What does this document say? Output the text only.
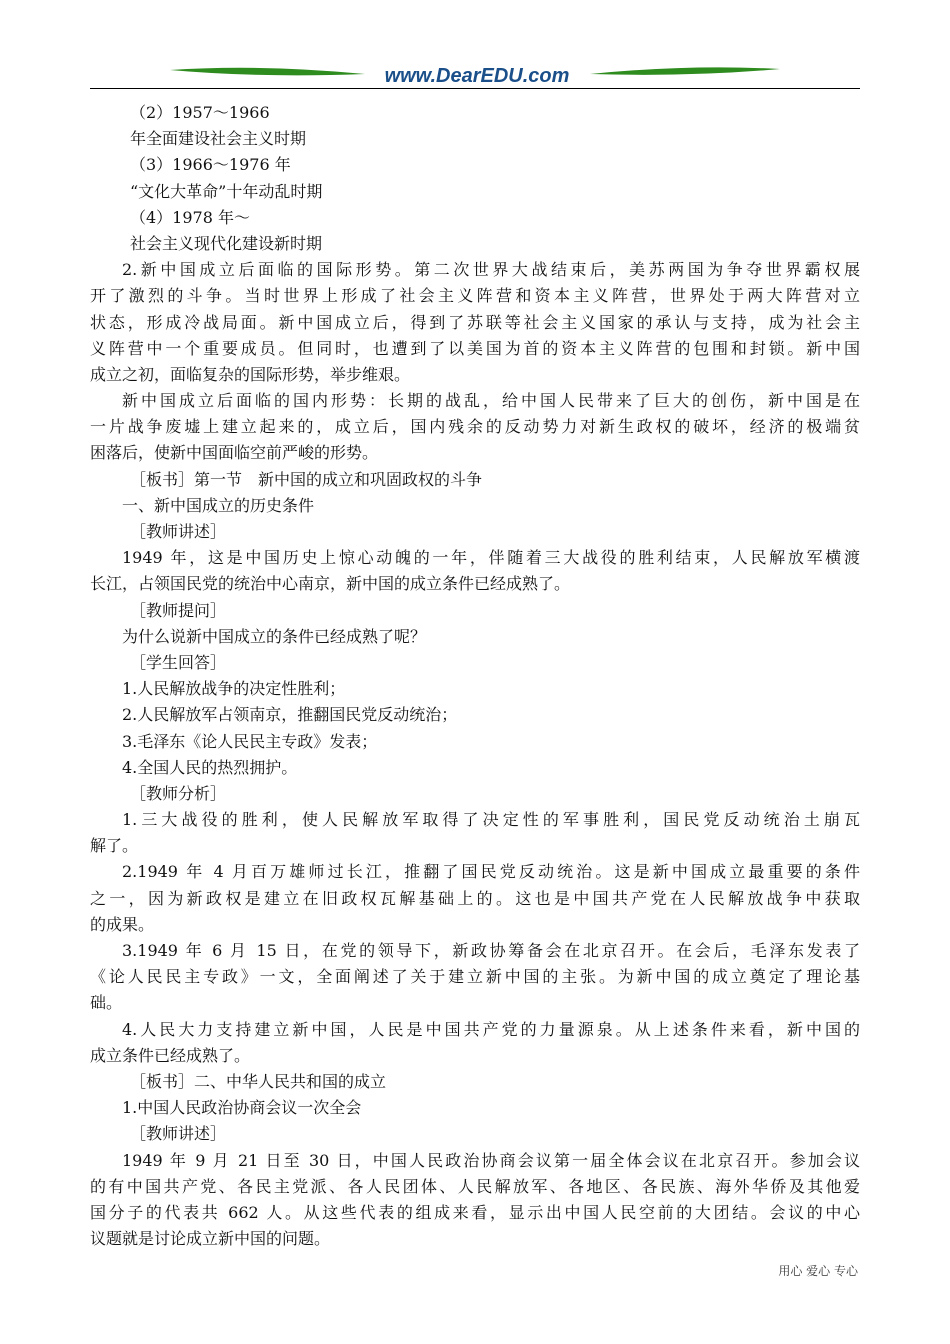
www.DearEDU.com
（2）1957～1966
年全面建设社会主义时期
（3）1966～1976 年
“文化大革命”十年动乱时期
（4）1978 年～
社会主义现代化建设新时期
2.新中国成立后面临的国际形势。第二次世界大战结束后，美苏两国为争夺世界霸权展
开了激烈的斗争。当时世界上形成了社会主义阵营和资本主义阵营，世界处于两大阵营对立
状态，形成冷战局面。新中国成立后，得到了苏联等社会主义国家的承认与支持，成为社会主
义阵营中一个重要成员。但同时，也遭到了以美国为首的资本主义阵营的包围和封锁。新中国
成立之初，面临复杂的国际形势，举步维艰。
新中国成立后面临的国内形势：长期的战乱，给中国人民带来了巨大的创伤，新中国是在
一片战争废墟上建立起来的，成立后，国内残余的反动势力对新生政权的破坏，经济的极端贫
困落后，使新中国面临空前严峻的形势。
［板书］第一节　新中国的成立和巩固政权的斗争
一、新中国成立的历史条件
［教师讲述］
1949 年，这是中国历史上惊心动魄的一年，伴随着三大战役的胜利结束，人民解放军横渡
长江，占领国民党的统治中心南京，新中国的成立条件已经成熟了。
［教师提问］
为什么说新中国成立的条件已经成熟了呢？
［学生回答］
1.人民解放战争的决定性胜利；
2.人民解放军占领南京，推翻国民党反动统治；
3.毛泽东《论人民民主专政》发表；
4.全国人民的热烈拥护。
［教师分析］
1.三大战役的胜利，使人民解放军取得了决定性的军事胜利，国民党反动统治土崩瓦
解了。
2.1949 年 4 月百万雄师过长江，推翻了国民党反动统治。这是新中国成立最重要的条件
之一，因为新政权是建立在旧政权瓦解基础上的。这也是中国共产党在人民解放战争中获取
的成果。
3.1949 年 6 月 15 日，在党的领导下，新政协筹备会在北京召开。在会后，毛泽东发表了
《论人民民主专政》一文，全面阐述了关于建立新中国的主张。为新中国的成立奠定了理论基
础。
4.人民大力支持建立新中国，人民是中国共产党的力量源泉。从上述条件来看，新中国的
成立条件已经成熟了。
［板书］二、中华人民共和国的成立
1.中国人民政治协商会议一次全会
［教师讲述］
1949 年 9 月 21 日至 30 日，中国人民政治协商会议第一届全体会议在北京召开。参加会议
的有中国共产党、各民主党派、各人民团体、人民解放军、各地区、各民族、海外华侨及其他爱
国分子的代表共 662 人。从这些代表的组成来看，显示出中国人民空前的大团结。会议的中心
议题就是讨论成立新中国的问题。
用心 爱心 专心
